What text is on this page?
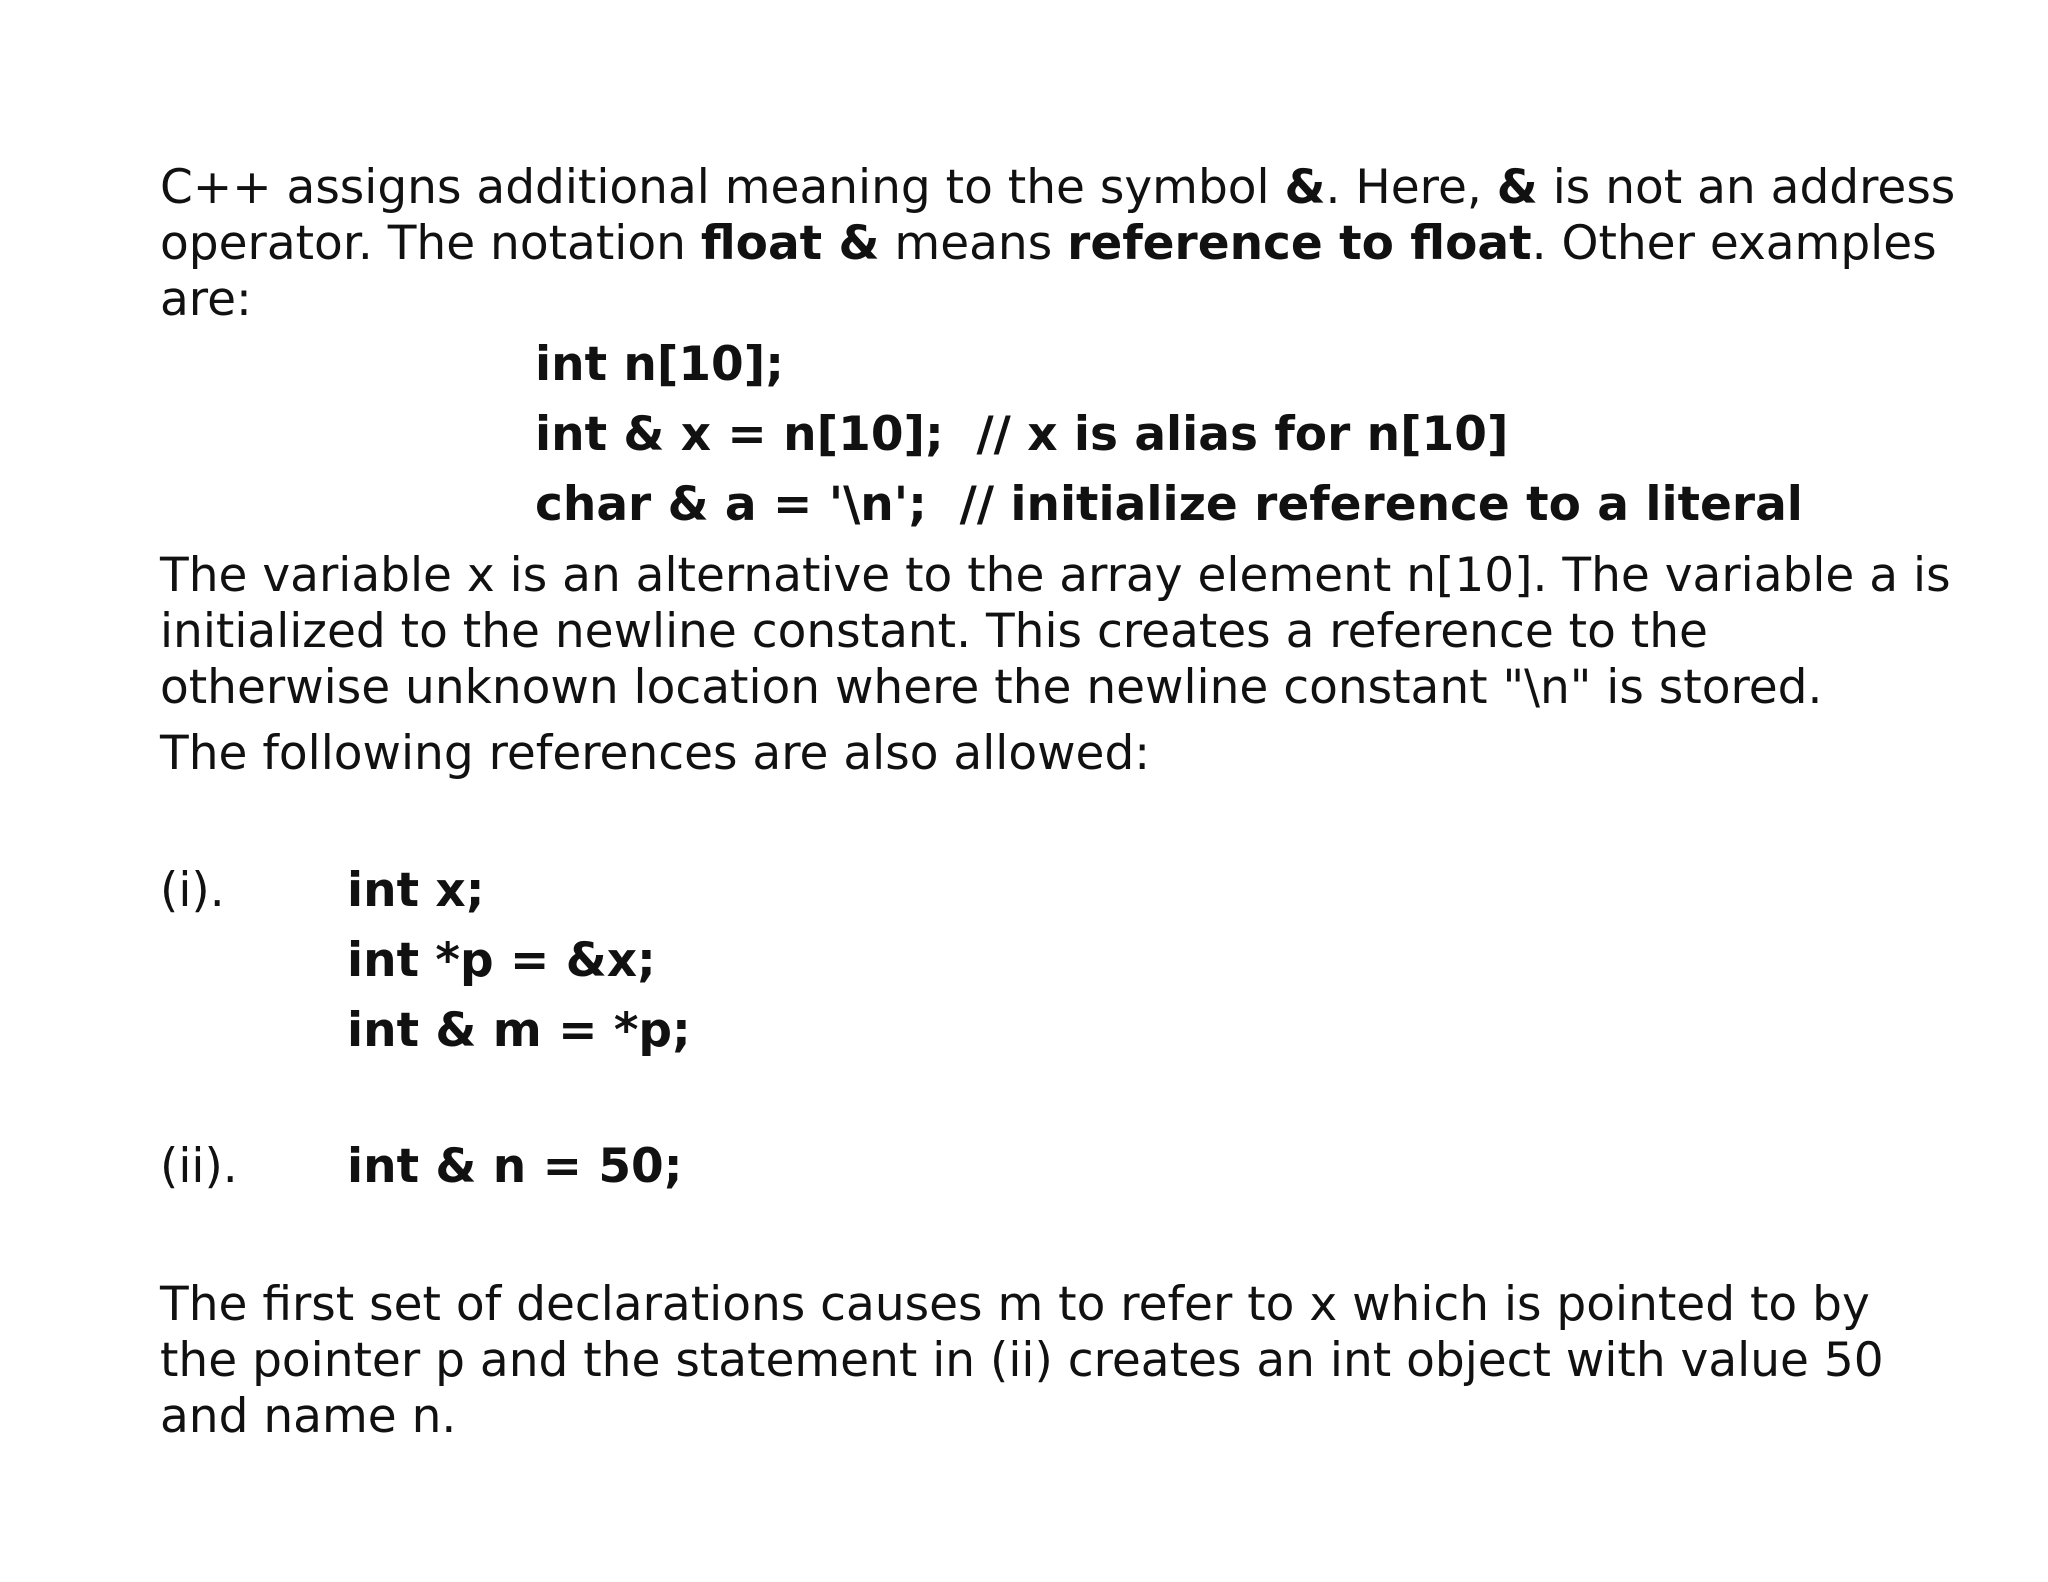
C++ assigns additional meaning to the symbol &. Here, & is not an address
operator. The notation float & means reference to float. Other examples
are:
int n[10];
int & x = n[10];  // x is alias for n[10]
char & a = '\n';  // initialize reference to a literal
The variable x is an alternative to the array element n[10]. The variable a is
initialized to the newline constant. This creates a reference to the
otherwise unknown location where the newline constant "\n" is stored.
The following references are also allowed:
(i).	int x;
int *p = &x;
int & m = *p;
(ii). int & n = 50;
The first set of declarations causes m to refer to x which is pointed to by
the pointer p and the statement in (ii) creates an int object with value 50
and name n.
